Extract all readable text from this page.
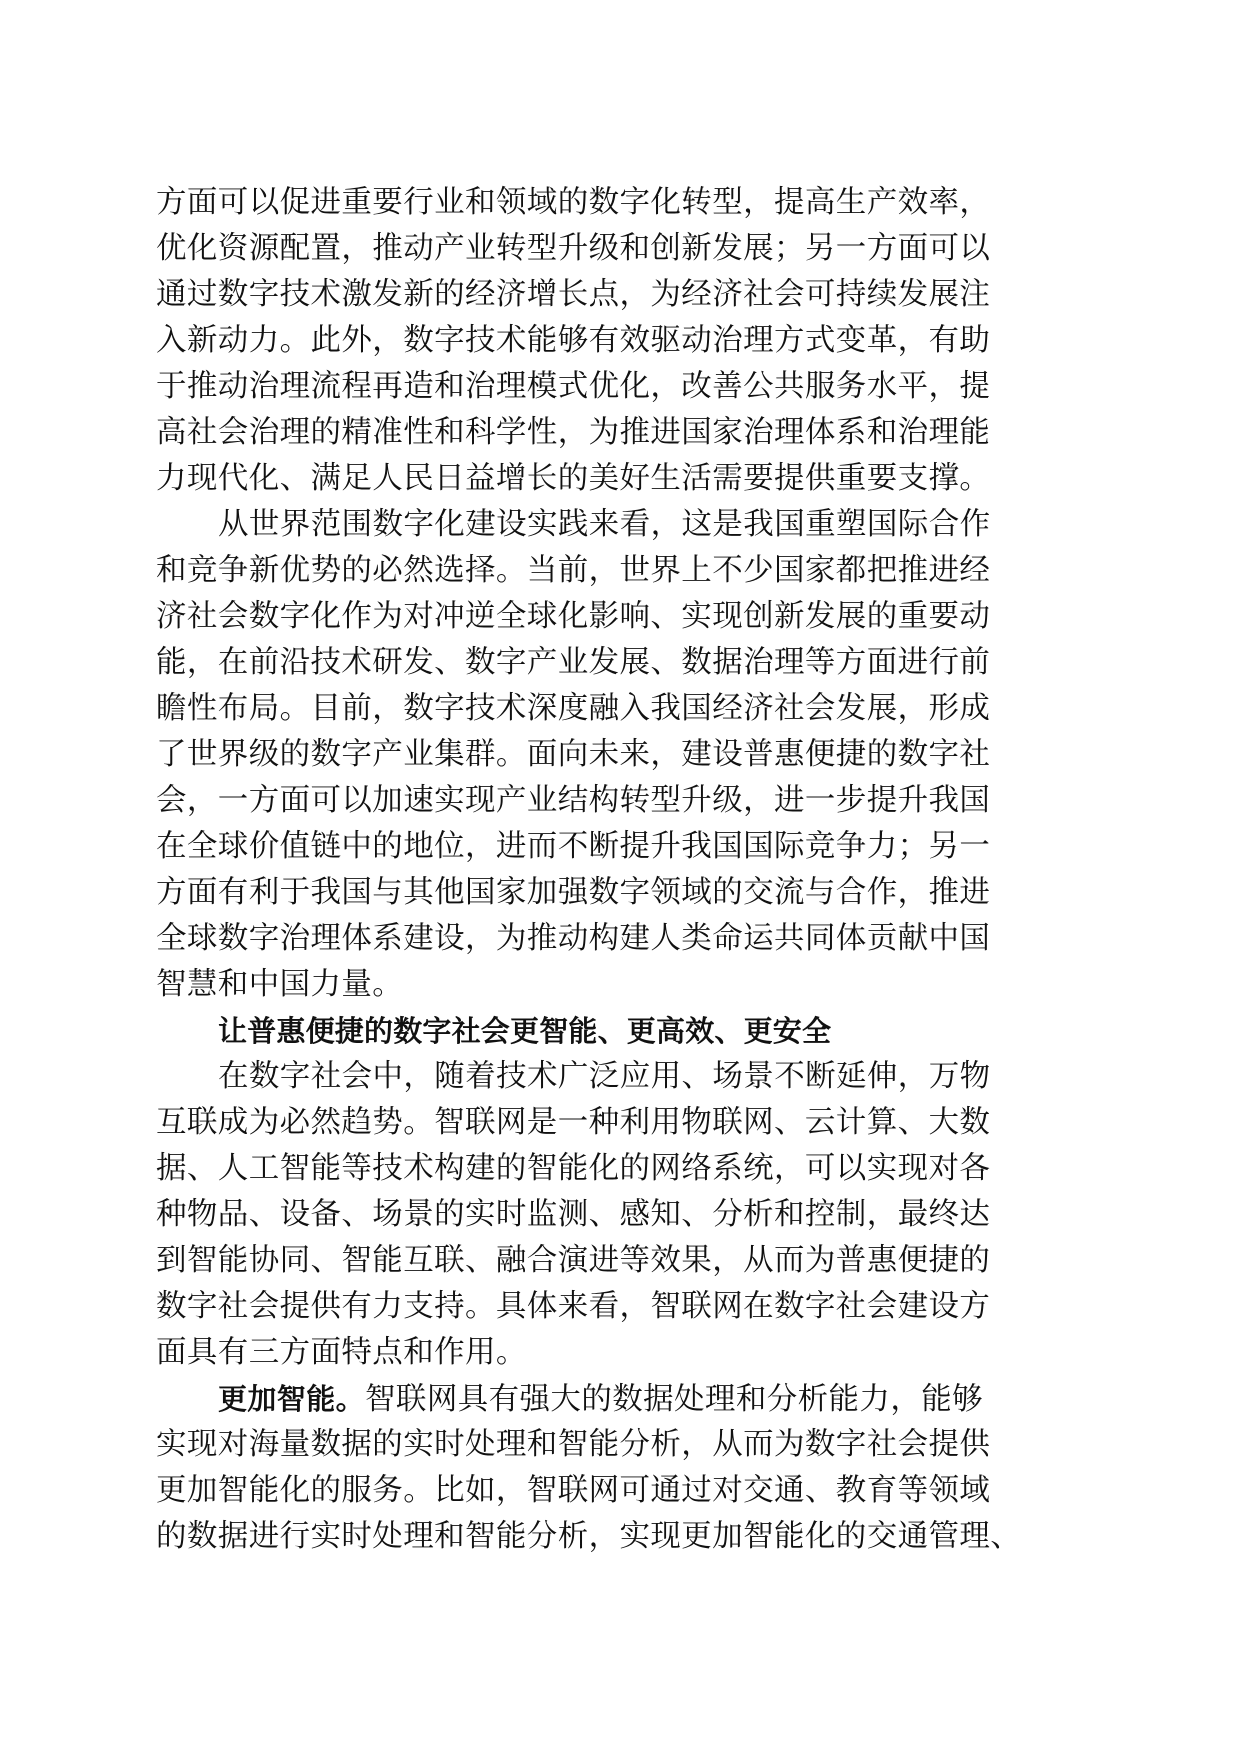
方面可以促进重要行业和领域的数字化转型，提高生产效率，
优化资源配置，推动产业转型升级和创新发展；另一方面可以
通过数字技术激发新的经济增长点，为经济社会可持续发展注
入新动力。此外，数字技术能够有效驱动治理方式变革，有助
于推动治理流程再造和治理模式优化，改善公共服务水平，提
高社会治理的精准性和科学性，为推进国家治理体系和治理能
力现代化、满足人民日益增长的美好生活需要提供重要支撑。
从世界范围数字化建设实践来看，这是我国重塑国际合作
和竞争新优势的必然选择。当前，世界上不少国家都把推进经
济社会数字化作为对冲逆全球化影响、实现创新发展的重要动
能，在前沿技术研发、数字产业发展、数据治理等方面进行前
瞻性布局。目前，数字技术深度融入我国经济社会发展，形成
了世界级的数字产业集群。面向未来，建设普惠便捷的数字社
会，一方面可以加速实现产业结构转型升级，进一步提升我国
在全球价值链中的地位，进而不断提升我国国际竞争力；另一
方面有利于我国与其他国家加强数字领域的交流与合作，推进
全球数字治理体系建设，为推动构建人类命运共同体贡献中国
智慧和中国力量。
让普惠便捷的数字社会更智能、更高效、更安全
在数字社会中，随着技术广泛应用、场景不断延伸，万物
互联成为必然趋势。智联网是一种利用物联网、云计算、大数
据、人工智能等技术构建的智能化的网络系统，可以实现对各
种物品、设备、场景的实时监测、感知、分析和控制，最终达
到智能协同、智能互联、融合演进等效果，从而为普惠便捷的
数字社会提供有力支持。具体来看，智联网在数字社会建设方
面具有三方面特点和作用。
更加智能。智联网具有强大的数据处理和分析能力，能够
实现对海量数据的实时处理和智能分析，从而为数字社会提供
更加智能化的服务。比如，智联网可通过对交通、教育等领域
的数据进行实时处理和智能分析，实现更加智能化的交通管理、
